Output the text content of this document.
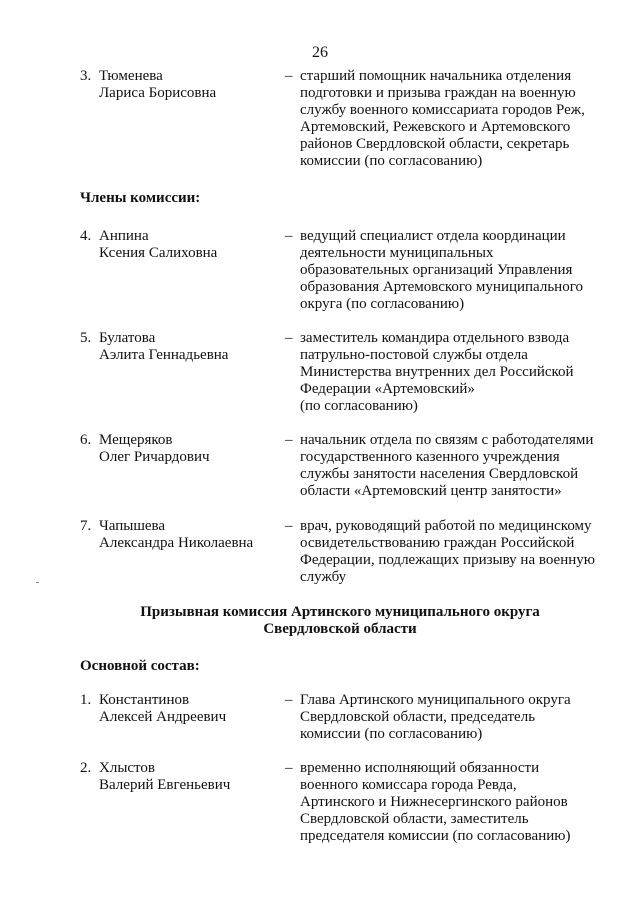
26
3. Тюменева
Лариса Борисовна
– старший помощник начальника отделения
подготовки и призыва граждан на военную
службу военного комиссариата городов Реж,
Артемовский, Режевского и Артемовского
районов Свердловской области, секретарь
комиссии (по согласованию)
Члены комиссии:
4. Анпина
Ксения Салиховна
– ведущий специалист отдела координации
деятельности муниципальных
образовательных организаций Управления
образования Артемовского муниципального
округа (по согласованию)
5. Булатова
Аэлита Геннадьевна
– заместитель командира отдельного взвода
патрульно-постовой службы отдела
Министерства внутренних дел Российской
Федерации «Артемовский»
(по согласованию)
6. Мещеряков
Олег Ричардович
– начальник отдела по связям с работодателями
государственного казенного учреждения
службы занятости населения Свердловской
области «Артемовский центр занятости»
7. Чапышева
Александра Николаевна
– врач, руководящий работой по медицинскому
освидетельствованию граждан Российской
Федерации, подлежащих призыву на военную
службу
Призывная комиссия Артинского муниципального округа
Свердловской области
Основной состав:
1. Константинов
Алексей Андреевич
– Глава Артинского муниципального округа
Свердловской области, председатель
комиссии (по согласованию)
2. Хлыстов
Валерий Евгеньевич
– временно исполняющий обязанности
военного комиссара города Ревда,
Артинского и Нижнесергинского районов
Свердловской области, заместитель
председателя комиссии (по согласованию)
